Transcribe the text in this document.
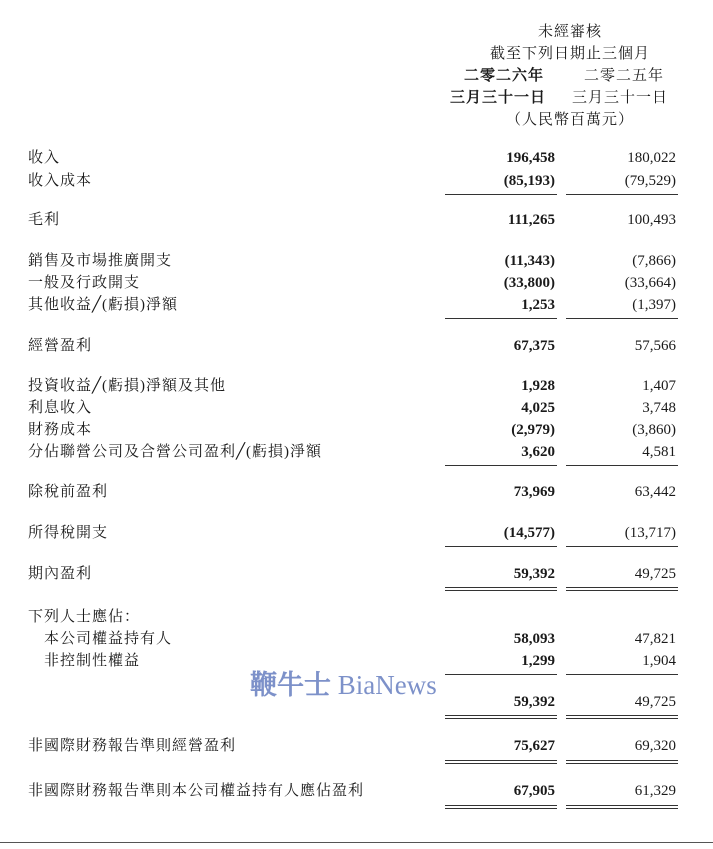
未經審核
截至下列日期止三個月
二零二六年	二零二五年
三月三十一日	三月三十一日
（人民幣百萬元）
收入	196,458	180,022
收入成本	(85,193)	(79,529)
毛利	111,265	100,493
銷售及市場推廣開支	(11,343)	(7,866)
一般及行政開支	(33,800)	(33,664)
其他收益╱(虧損)淨額	1,253	(1,397)
經營盈利	67,375	57,566
投資收益╱(虧損)淨額及其他	1,928	1,407
利息收入	4,025	3,748
財務成本	(2,979)	(3,860)
分佔聯營公司及合營公司盈利╱(虧損)淨額	3,620	4,581
除稅前盈利	73,969	63,442
所得稅開支	(14,577)	(13,717)
期內盈利	59,392	49,725
下列人士應佔：
本公司權益持有人	58,093	47,821
非控制性權益	1,299	1,904
59,392	49,725
非國際財務報告準則經營盈利	75,627	69,320
非國際財務報告準則本公司權益持有人應佔盈利	67,905	61,329
鞭牛士 BiaNews
